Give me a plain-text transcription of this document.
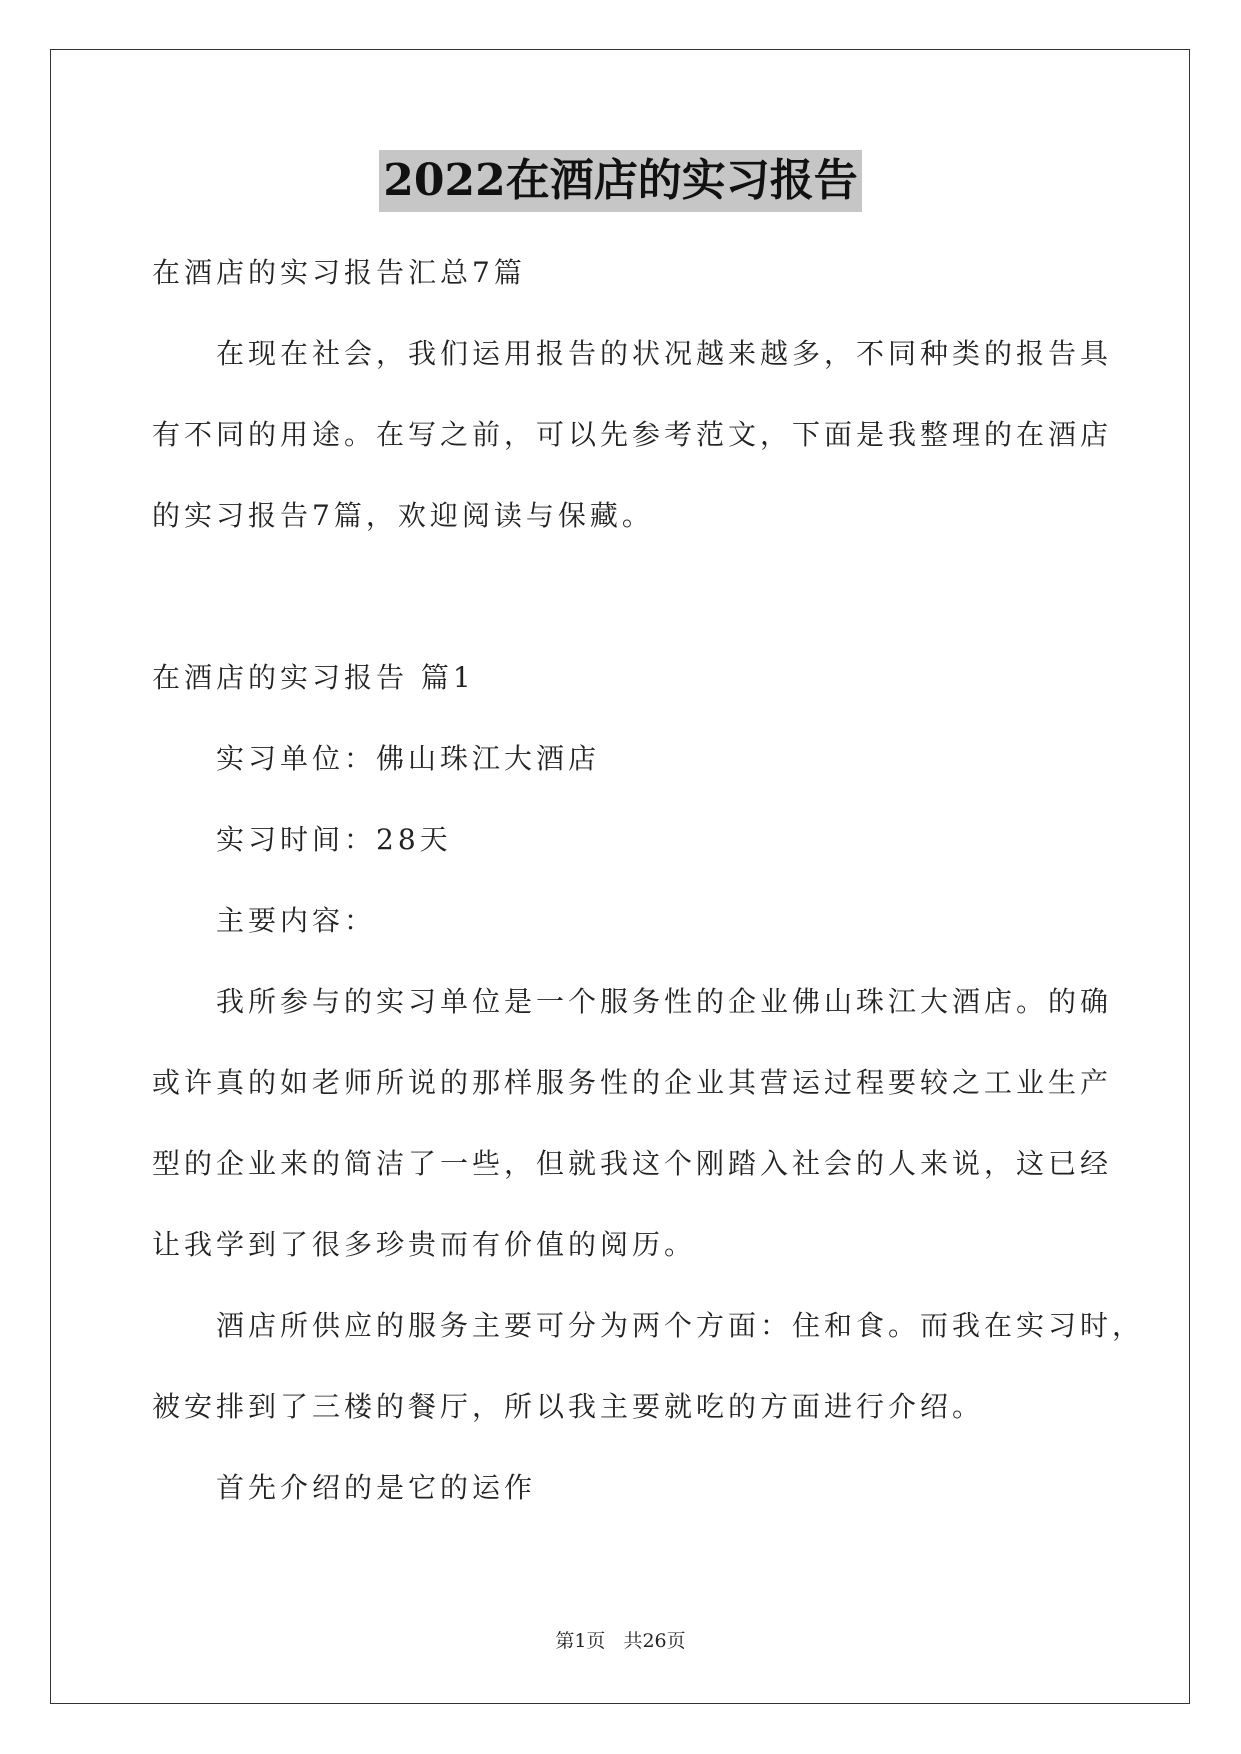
2022在酒店的实习报告

在酒店的实习报告汇总7篇

在现在社会，我们运用报告的状况越来越多，不同种类的报告具

有不同的用途。在写之前，可以先参考范文，下面是我整理的在酒店

的实习报告7篇，欢迎阅读与保藏。

在酒店的实习报告 篇1

实习单位：佛山珠江大酒店

实习时间：28天

主要内容：

我所参与的实习单位是一个服务性的企业佛山珠江大酒店。的确

或许真的如老师所说的那样服务性的企业其营运过程要较之工业生产

型的企业来的简洁了一些，但就我这个刚踏入社会的人来说，这已经

让我学到了很多珍贵而有价值的阅历。

酒店所供应的服务主要可分为两个方面：住和食。而我在实习时，

被安排到了三楼的餐厅，所以我主要就吃的方面进行介绍。

首先介绍的是它的运作

第1页 共26页
